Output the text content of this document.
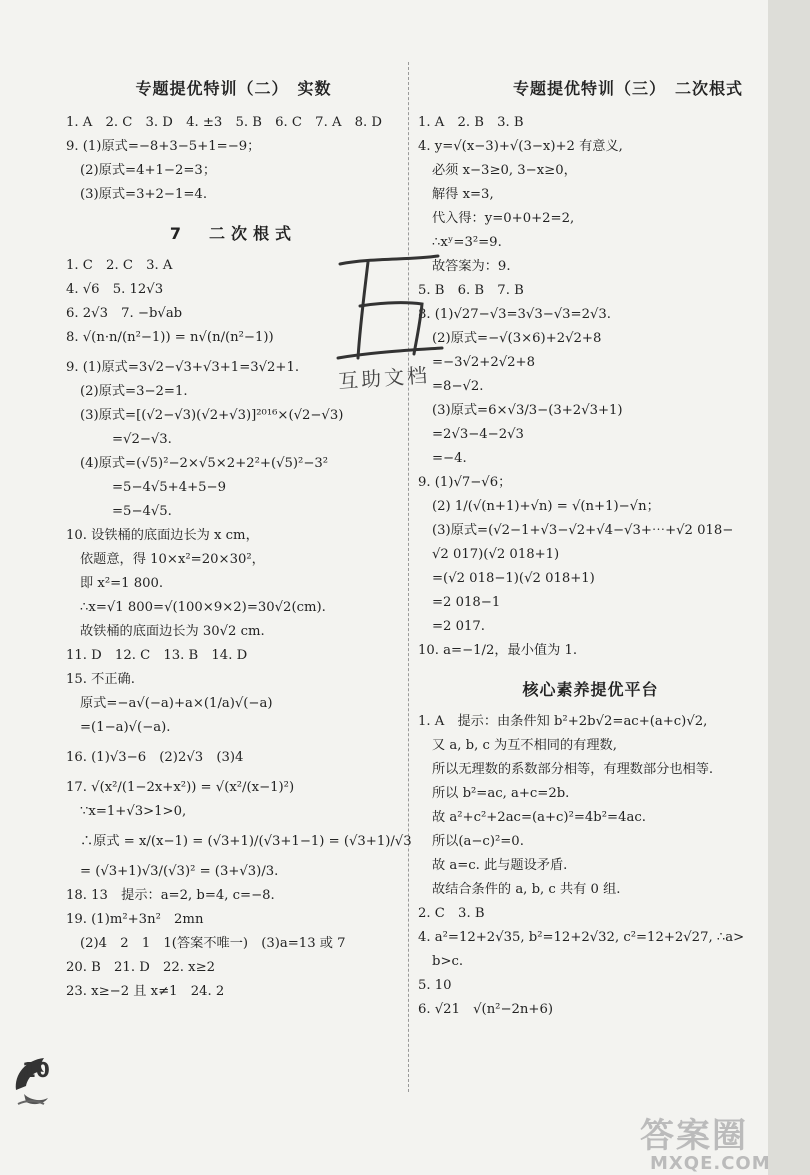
专题提优特训（二）　实数
1. A　2. C　3. D　4. ±3　5. B　6. C　7. A　8. D
9. (1)原式=−8+3−5+1=−9；
(2)原式=4+1−2=3；
(3)原式=3+2−1=4.
7　二次根式
1. C　2. C　3. A
4. √6　5. 12√3
6. 2√3　7. −b√ab
8. √(n·n/(n²−1)) = n√(n/(n²−1))
9. (1)原式=3√2−√3+√3+1=3√2+1.
(2)原式=3−2=1.
(3)原式=[(√2−√3)(√2+√3)]²⁰¹⁶×(√2−√3)
=√2−√3.
(4)原式=(√5)²−2×√5×2+2²+(√5)²−3²
=5−4√5+4+5−9
=5−4√5.
10. 设铁桶的底面边长为 x cm，
依题意，得 10×x²=20×30²，
即 x²=1 800.
∴x=√1 800=√(100×9×2)=30√2(cm).
故铁桶的底面边长为 30√2 cm.
11. D　12. C　13. B　14. D
15. 不正确.
原式=−a√(−a)+a×(1/a)√(−a)
=(1−a)√(−a).
16. (1)√3−6　(2)2√3　(3)4
17. √(x²/(1−2x+x²)) = √(x²/(x−1)²)
∵x=1+√3>1>0,
∴原式 = x/(x−1) = (√3+1)/(√3+1−1) = (√3+1)/√3
= (√3+1)√3/(√3)² = (3+√3)/3.
18. 13　提示：a=2, b=4, c=−8.
19. (1)m²+3n²　2mn
(2)4　2　1　1(答案不唯一)　(3)a=13 或 7
20. B　21. D　22. x≥2
23. x≥−2 且 x≠1　24. 2
专题提优特训（三）　二次根式
1. A　2. B　3. B
4. y=√(x−3)+√(3−x)+2 有意义,
必须 x−3≥0, 3−x≥0，
解得 x=3,
代入得：y=0+0+2=2,
∴xʸ=3²=9.
故答案为：9.
5. B　6. B　7. B
8. (1)√27−√3=3√3−√3=2√3.
(2)原式=−√(3×6)+2√2+8
=−3√2+2√2+8
=8−√2.
(3)原式=6×√3/3−(3+2√3+1)
=2√3−4−2√3
=−4.
9. (1)√7−√6；
(2) 1/(√(n+1)+√n) = √(n+1)−√n；
(3)原式=(√2−1+√3−√2+√4−√3+⋯+√2 018−
√2 017)(√2 018+1)
=(√2 018−1)(√2 018+1)
=2 018−1
=2 017.
10. a=−1/2，最小值为 1.
核心素养提优平台
1. A　提示：由条件知 b²+2b√2=ac+(a+c)√2,
又 a, b, c 为互不相同的有理数,
所以无理数的系数部分相等，有理数部分也相等.
所以 b²=ac, a+c=2b.
故 a²+c²+2ac=(a+c)²=4b²=4ac.
所以(a−c)²=0.
故 a=c. 此与题设矛盾.
故结合条件的 a, b, c 共有 0 组.
2. C　3. B
4. a²=12+2√35, b²=12+2√32, c²=12+2√27, ∴a>
b>c.
5. 10
6. √21　√(n²−2n+6)
互助文档
10
答案圈
MXQE.COM
